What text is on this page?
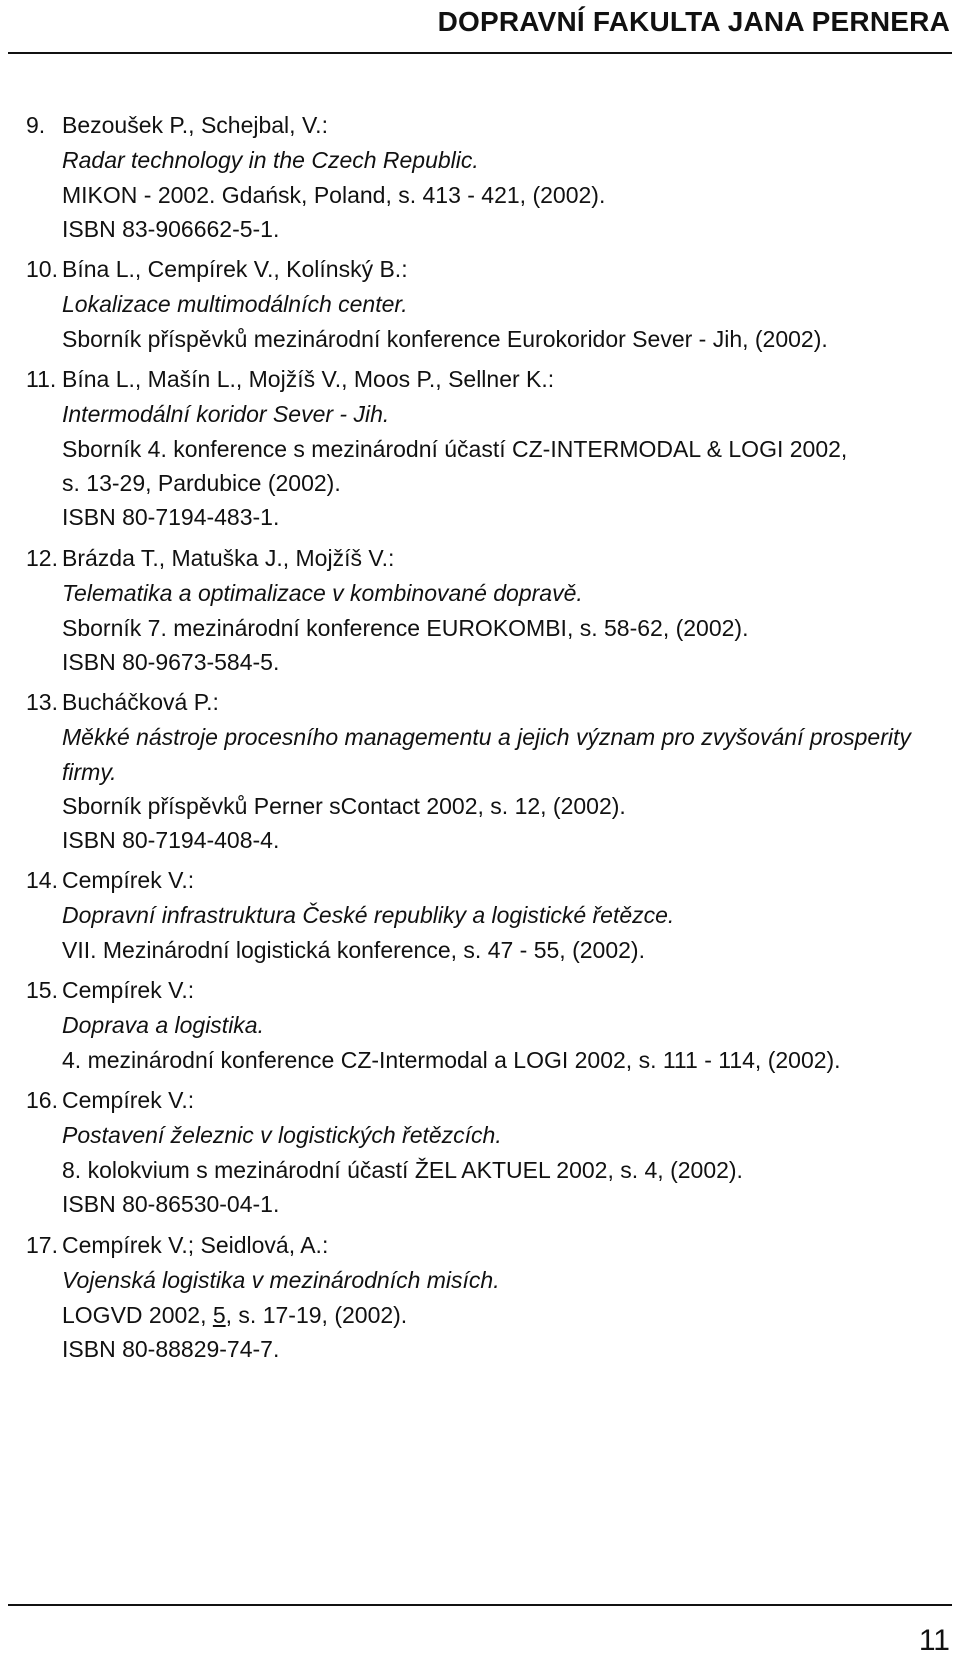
DOPRAVNÍ FAKULTA JANA PERNERA
9. Bezoušek P., Schejbal, V.:
Radar technology in the Czech Republic.
MIKON - 2002. Gdańsk, Poland, s. 413 - 421, (2002).
ISBN 83-906662-5-1.
10. Bína L., Cempírek V., Kolínský B.:
Lokalizace multimodálních center.
Sborník příspěvků mezinárodní konference Eurokoridor Sever - Jih, (2002).
11. Bína L., Mašín L., Mojžíš V., Moos P., Sellner K.:
Intermodální koridor Sever - Jih.
Sborník 4. konference s mezinárodní účastí CZ-INTERMODAL & LOGI 2002,
s. 13-29, Pardubice (2002).
ISBN 80-7194-483-1.
12. Brázda T., Matuška J., Mojžíš V.:
Telematika a optimalizace v kombinované dopravě.
Sborník 7. mezinárodní konference EUROKOMBI, s. 58-62, (2002).
ISBN 80-9673-584-5.
13. Bucháčková P.:
Měkké nástroje procesního managementu a jejich význam pro zvyšování prosperity
firmy.
Sborník příspěvků Perner sContact 2002, s. 12, (2002).
ISBN 80-7194-408-4.
14. Cempírek V.:
Dopravní infrastruktura České republiky a logistické řetězce.
VII. Mezinárodní logistická konference, s. 47 - 55, (2002).
15. Cempírek V.:
Doprava a logistika.
4. mezinárodní konference CZ-Intermodal a LOGI 2002, s. 111 - 114, (2002).
16. Cempírek V.:
Postavení železnic v logistických řetězcích.
8. kolokvium s mezinárodní účastí ŽEL AKTUEL 2002, s. 4, (2002).
ISBN 80-86530-04-1.
17. Cempírek V.; Seidlová, A.:
Vojenská logistika v mezinárodních misích.
LOGVD 2002, 5, s. 17-19, (2002).
ISBN 80-88829-74-7.
11
